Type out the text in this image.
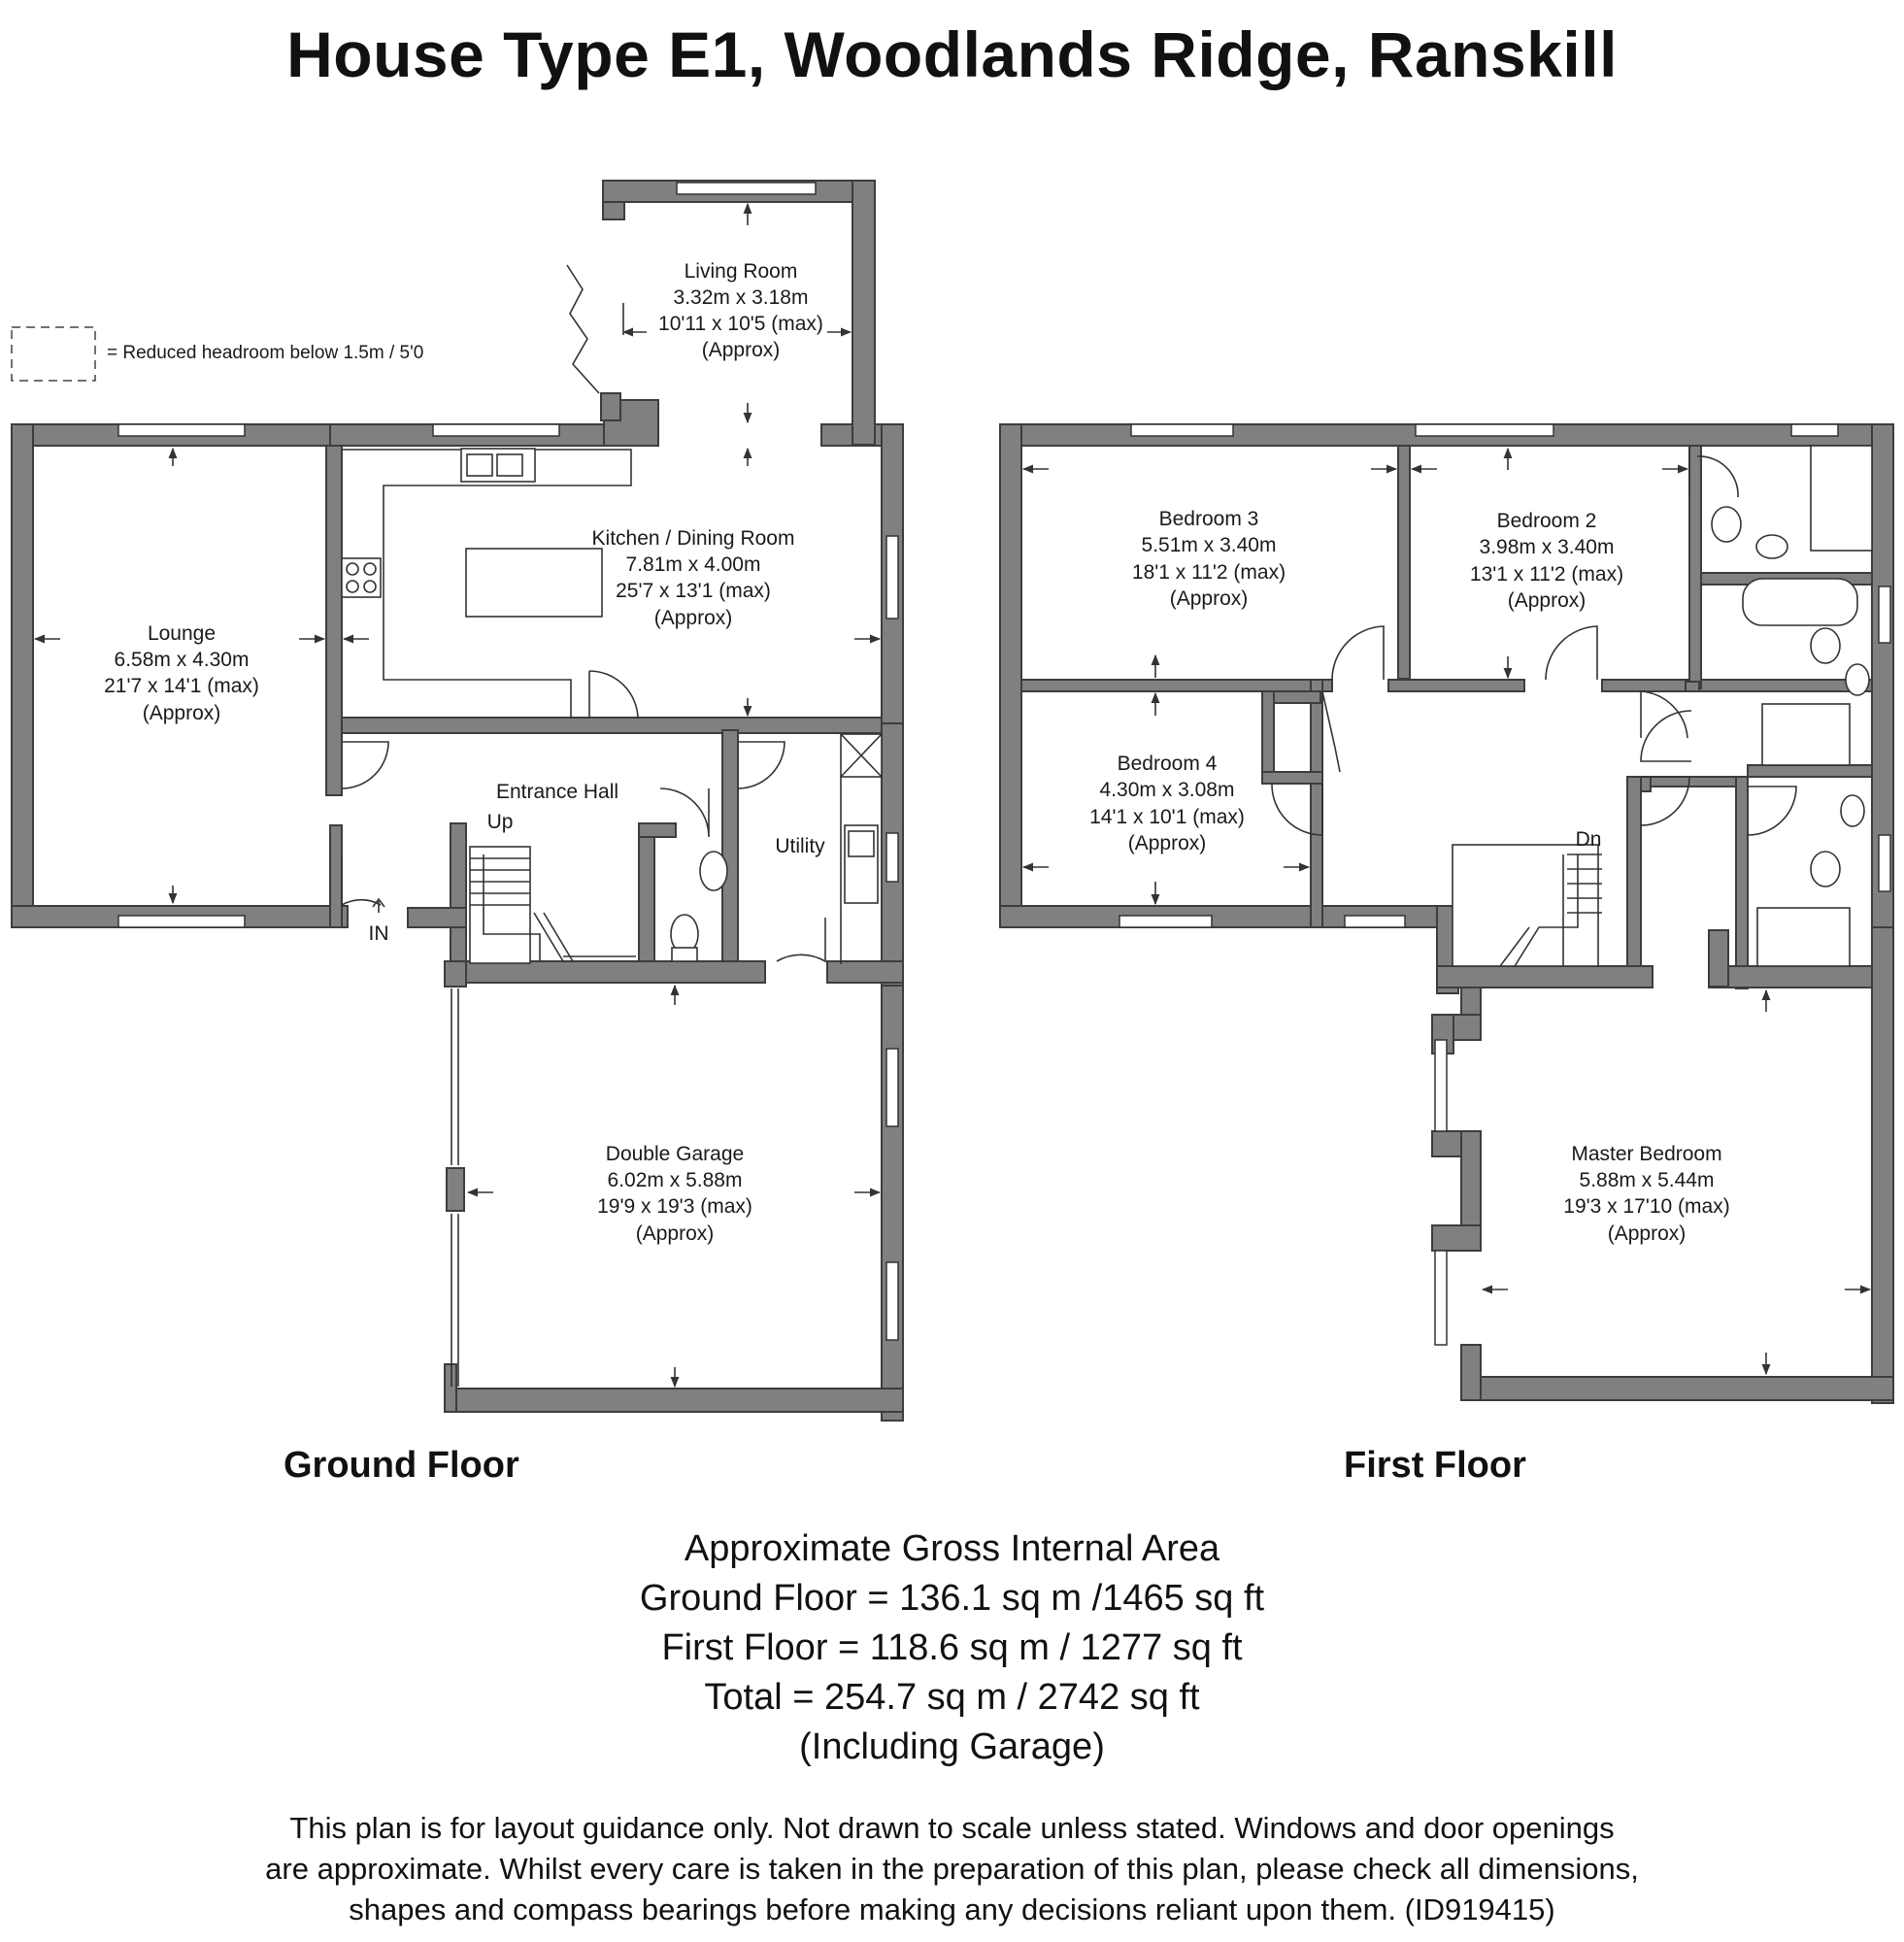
House Type E1, Woodlands Ridge, Ranskill
= Reduced headroom below 1.5m / 5'0
Living Room
3.32m x 3.18m
10'11 x 10'5 (max)
(Approx)
Kitchen / Dining Room
7.81m x 4.00m
25'7 x 13'1 (max)
(Approx)
Lounge
6.58m x 4.30m
21'7 x 14'1 (max)
(Approx)
Entrance Hall
Up
Utility
IN
Double Garage
6.02m x 5.88m
19'9 x 19'3 (max)
(Approx)
Bedroom 3
5.51m x 3.40m
18'1 x 11'2 (max)
(Approx)
Bedroom 2
3.98m x 3.40m
13'1 x 11'2 (max)
(Approx)
Bedroom 4
4.30m x 3.08m
14'1 x 10'1 (max)
(Approx)	Dn
Master Bedroom
5.88m x 5.44m
19'3 x 17'10 (max)
(Approx)
Ground Floor	First Floor
Approximate Gross Internal Area
Ground Floor = 136.1 sq m /1465 sq ft
First Floor = 118.6 sq m / 1277 sq ft
Total = 254.7 sq m / 2742 sq ft
(Including Garage)
This plan is for layout guidance only. Not drawn to scale unless stated. Windows and door openings
are approximate. Whilst every care is taken in the preparation of this plan, please check all dimensions,
shapes and compass bearings before making any decisions reliant upon them. (ID919415)
